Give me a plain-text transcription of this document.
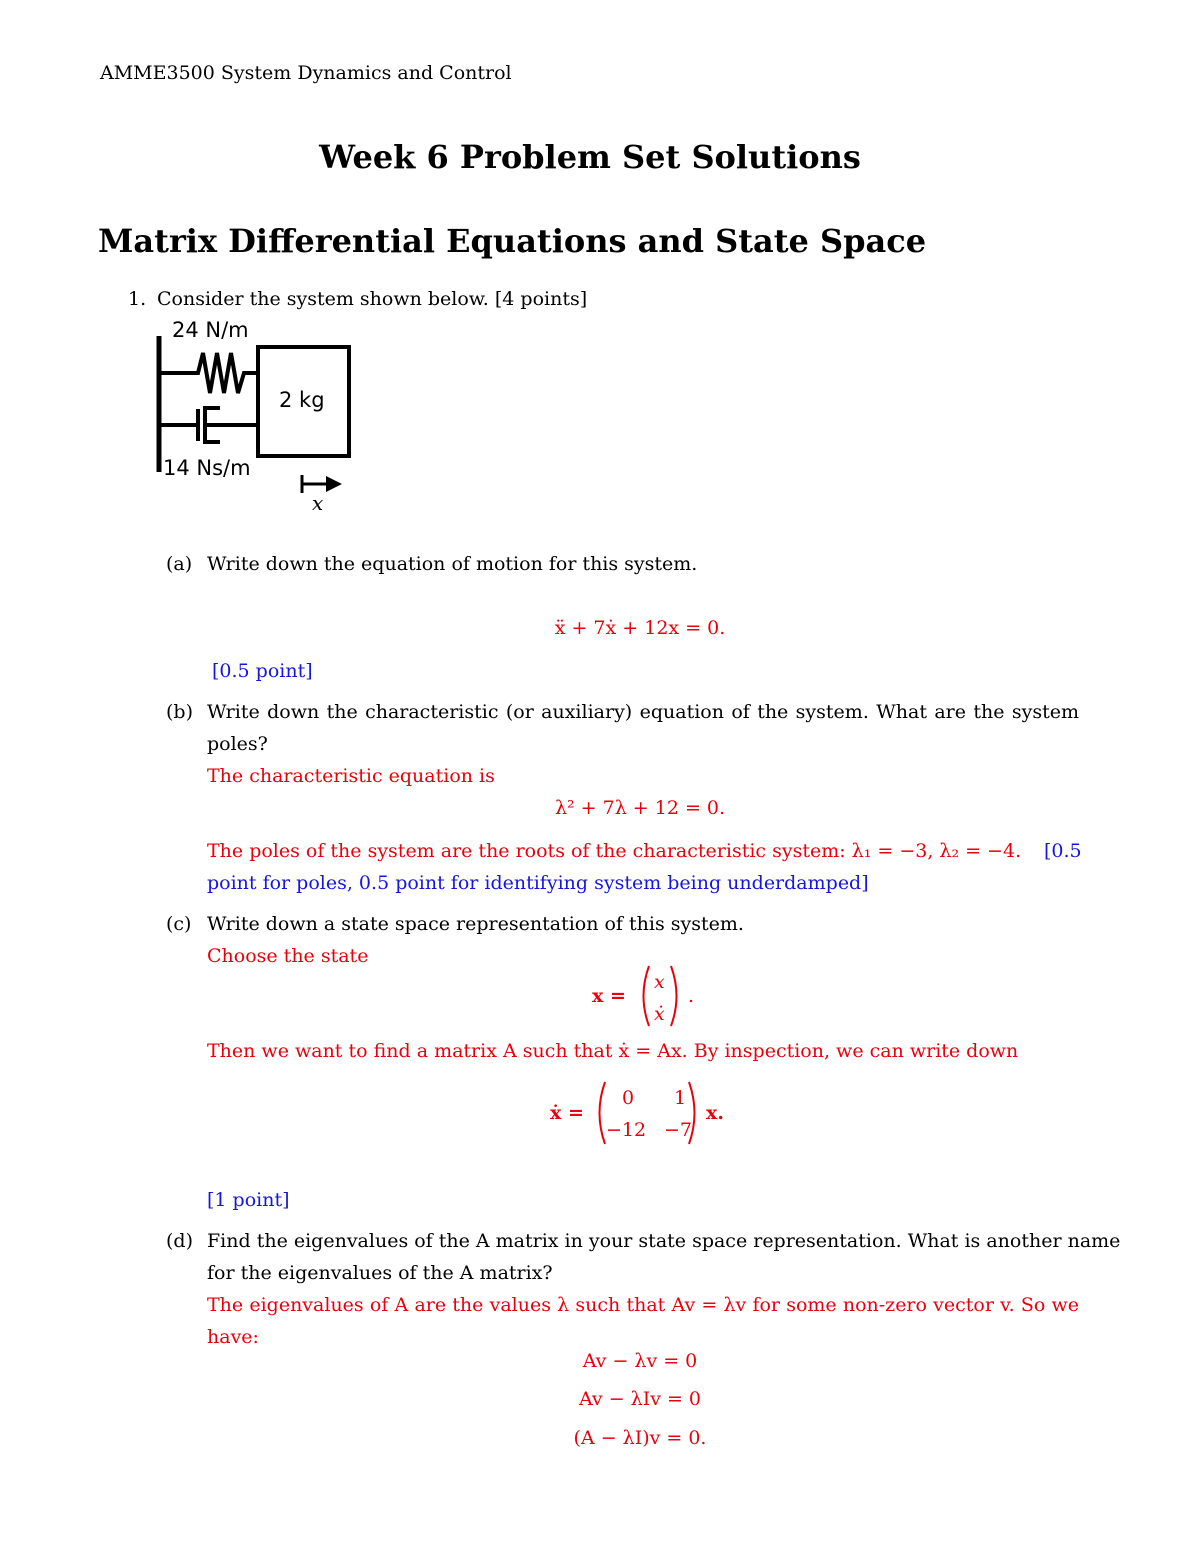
AMME3500 System Dynamics and Control
Week 6 Problem Set Solutions
Matrix Differential Equations and State Space
1. Consider the system shown below. [4 points]
24 N/m
2 kg
14 Ns/m
x
(a) Write down the equation of motion for this system.
ẍ + 7ẋ + 12x = 0.
[0.5 point]
(b) Write down the characteristic (or auxiliary) equation of the system. What are the system
poles?
The characteristic equation is
λ² + 7λ + 12 = 0.
The poles of the system are the roots of the characteristic system: λ₁ = −3, λ₂ = −4. [0.5
point for poles, 0.5 point for identifying system being underdamped]
(c) Write down a state space representation of this system.
Choose the state
x =
x
ẋ
.
Then we want to find a matrix A such that ẋ = Ax. By inspection, we can write down
ẋ =
0 1
−12 −7
x.
[1 point]
(d) Find the eigenvalues of the A matrix in your state space representation. What is another name
for the eigenvalues of the A matrix?
The eigenvalues of A are the values λ such that Av = λv for some non-zero vector v. So we
have:
Av − λv = 0
Av − λIv = 0
(A − λI)v = 0.
